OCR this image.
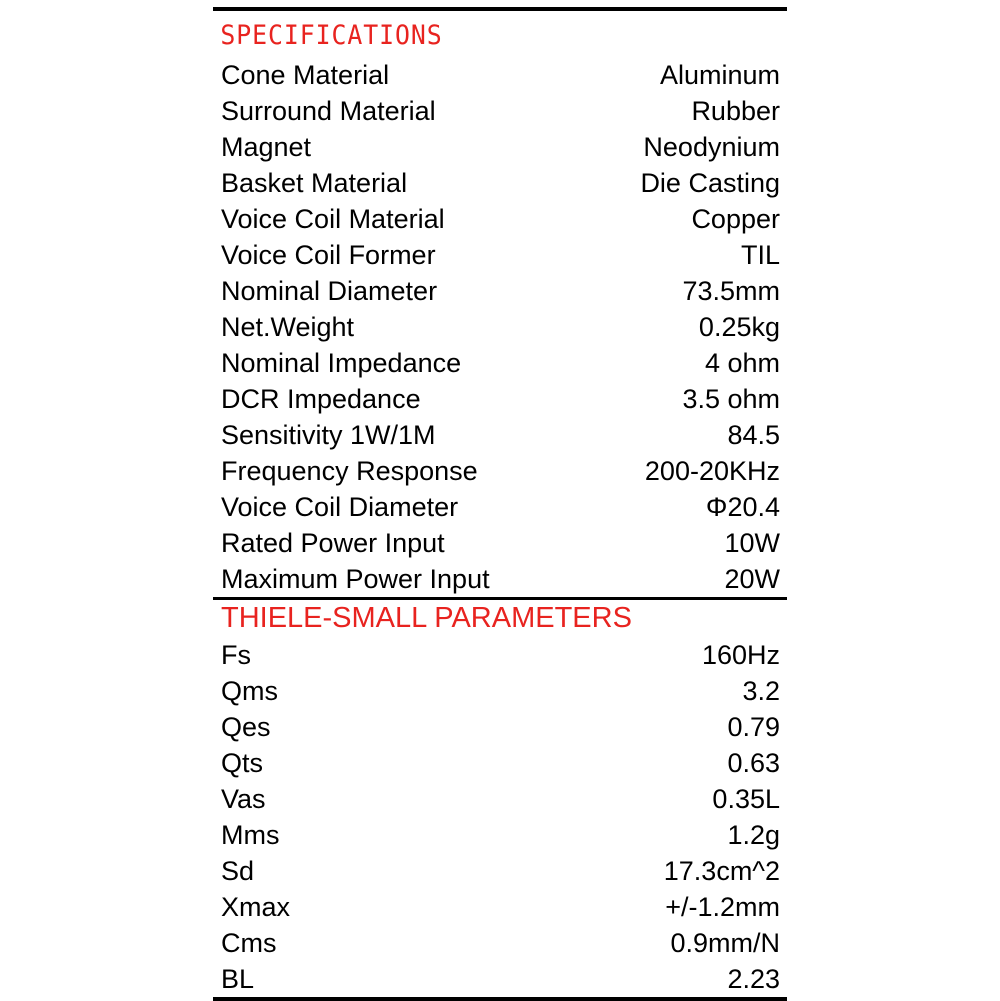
SPECIFICATIONS
Cone Material	Aluminum
Surround Material	Rubber
Magnet	Neodynium
Basket Material	Die Casting
Voice Coil Material	Copper
Voice Coil Former	TIL
Nominal Diameter	73.5mm
Net.Weight	0.25kg
Nominal Impedance	4 ohm
DCR Impedance	3.5 ohm
Sensitivity 1W/1M	84.5
Frequency Response	200-20KHz
Voice Coil Diameter	Φ20.4
Rated Power Input	10W
Maximum Power Input	20W
THIELE-SMALL PARAMETERS
Fs	160Hz
Qms	3.2
Qes	0.79
Qts	0.63
Vas	0.35L
Mms	1.2g
Sd	17.3cm^2
Xmax	+/-1.2mm
Cms	0.9mm/N
BL	2.23
